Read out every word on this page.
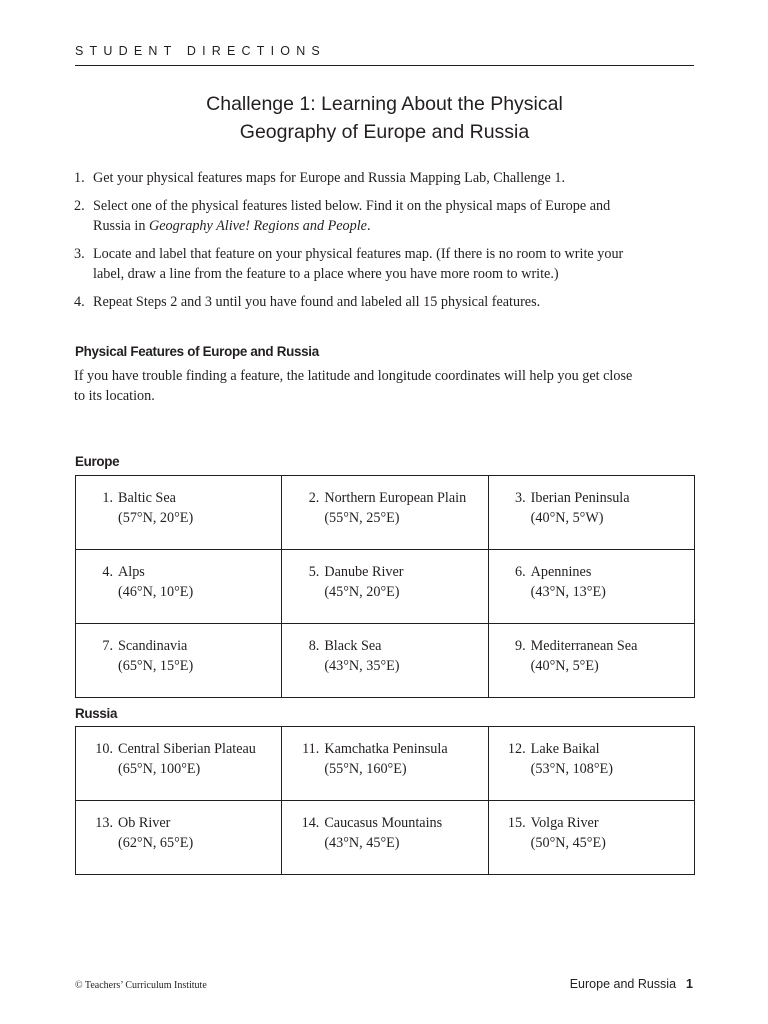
STUDENT DIRECTIONS
Challenge 1: Learning About the Physical
Geography of Europe and Russia
1. Get your physical features maps for Europe and Russia Mapping Lab, Challenge 1.
2. Select one of the physical features listed below. Find it on the physical maps of Europe and Russia in Geography Alive! Regions and People.
3. Locate and label that feature on your physical features map. (If there is no room to write your label, draw a line from the feature to a place where you have more room to write.)
4. Repeat Steps 2 and 3 until you have found and labeled all 15 physical features.
Physical Features of Europe and Russia

If you have trouble finding a feature, the latitude and longitude coordinates will help you get close to its location.

Europe
1. Baltic Sea
(57°N, 20°E)	2. Northern European Plain
(55°N, 25°E)	3. Iberian Peninsula
(40°N, 5°W)

4. Alps
(46°N, 10°E)	5. Danube River
(45°N, 20°E)	6. Apennines
(43°N, 13°E)

7. Scandinavia
(65°N, 15°E)	8. Black Sea
(43°N, 35°E)	9. Mediterranean Sea
(40°N, 5°E)
Russia
10. Central Siberian Plateau
(65°N, 100°E)	11. Kamchatka Peninsula
(55°N, 160°E)	12. Lake Baikal
(53°N, 108°E)

13. Ob River
(62°N, 65°E)	14. Caucasus Mountains
(43°N, 45°E)	15. Volga River
(50°N, 45°E)
© Teachers’ Curriculum Institute	Europe and Russia 1
